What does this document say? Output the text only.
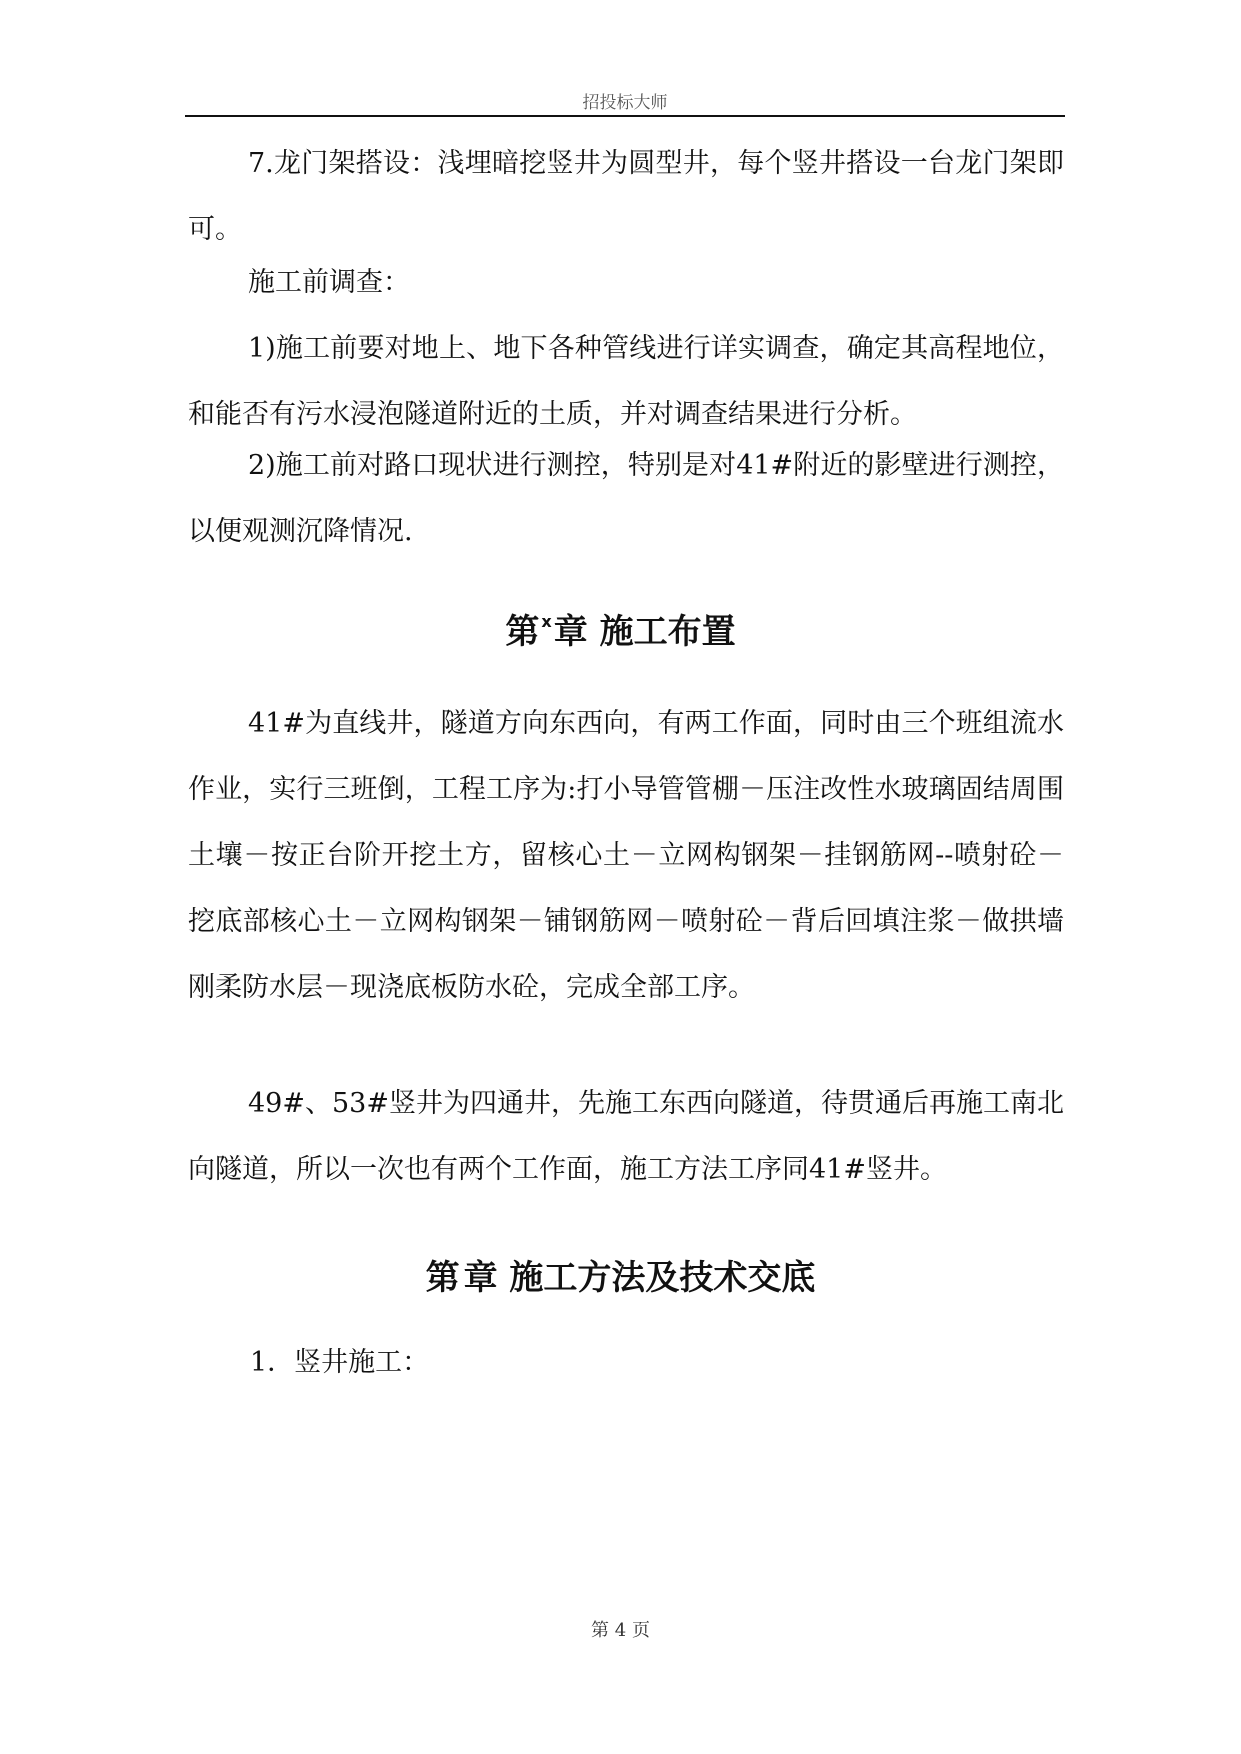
招投标大师

7.龙门架搭设：浅埋暗挖竖井为圆型井，每个竖井搭设一台龙门架即可。

施工前调查：

1)施工前要对地上、地下各种管线进行详实调查，确定其高程地位，和能否有污水浸泡隧道附近的土质，并对调查结果进行分析。

2)施工前对路口现状进行测控，特别是对41#附近的影壁进行测控，以便观测沉降情况.

第 $^x$章 施工布置

41#为直线井，隧道方向东西向，有两工作面，同时由三个班组流水作业，实行三班倒，工程工序为:打小导管管棚－压注改性水玻璃固结周围土壤－按正台阶开挖土方，留核心土－立网构钢架－挂钢筋网--喷射砼－挖底部核心土－立网构钢架－铺钢筋网－喷射砼－背后回填注浆－做拱墙刚柔防水层－现浇底板防水砼，完成全部工序。

49#、53#竖井为四通井，先施工东西向隧道，待贯通后再施工南北向隧道，所以一次也有两个工作面，施工方法工序同41#竖井。

第 章 施工方法及技术交底

1．竖井施工：

第 4 页
